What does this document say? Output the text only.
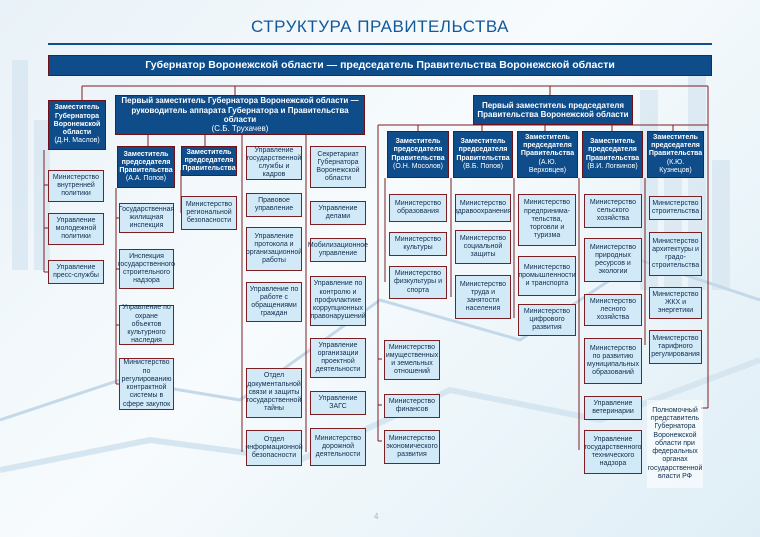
СТРУКТУРА ПРАВИТЕЛЬСТВА
Губернатор Воронежской области — председатель Правительства Воронежской области
Заместитель Губернатора Воронежской области
(Д.Н. Маслов)
Министерство внутренней политики
Управление молодежной политики
Управление пресс-службы
Первый заместитель Губернатора Воронежской области — руководитель аппарата Губернатора и Правительства области
(С.Б. Трухачев)
Заместитель председателя Правительства
(А.А. Попов)
Государственная жилищная инспекция
Инспекция государственного строительного надзора
Управление по охране объектов культурного наследия
Министерство по регулированию контрактной системы в сфере закупок
Заместитель председателя Правительства
Министерство региональной безопасности
Управление государственной службы и кадров
Правовое управление
Управление протокола и организационной работы
Управление по работе с обращениями граждан
Отдел документальной связи и защиты государственной тайны
Отдел информационной безопасности
Секретариат Губернатора Воронежской области
Управление делами
Мобилизационное управление
Управление по контролю и профилактике коррупционных правонарушений
Управление организации проектной деятельности
Управление ЗАГС
Министерство дорожной деятельности
Первый заместитель председателя Правительства Воронежской области
Заместитель председателя Правительства
(О.Н. Мосолов)
Министерство образования
Министерство культуры
Министерство физкультуры и спорта
Заместитель председателя Правительства
(В.Б. Попов)
Министерство здравоохранения
Министерство социальной защиты
Министерство труда и занятости населения
Заместитель председателя Правительства
(А.Ю. Верховцев)
Министерство предпринима-тельства, торговли и туризма
Министерство промышленности и транспорта
Министерство цифрового развития
Заместитель председателя Правительства
(В.И. Логвинов)
Министерство сельского хозяйства
Министерство природных ресурсов и экологии
Министерство лесного хозяйства
Министерство по развитию муниципальных образований
Управление ветеринарии
Управление государственного технического надзора
Заместитель председателя Правительства
(К.Ю. Кузнецов)
Министерство строительства
Министерство архитектуры и градо-строительства
Министерство ЖКХ и энергетики
Министерство тарифного регулирования
Министерство имущественных и земельных отношений
Министерство финансов
Министерство экономического развития
Полномочный представитель Губернатора Воронежской области при федеральных органах государственной власти РФ
4
